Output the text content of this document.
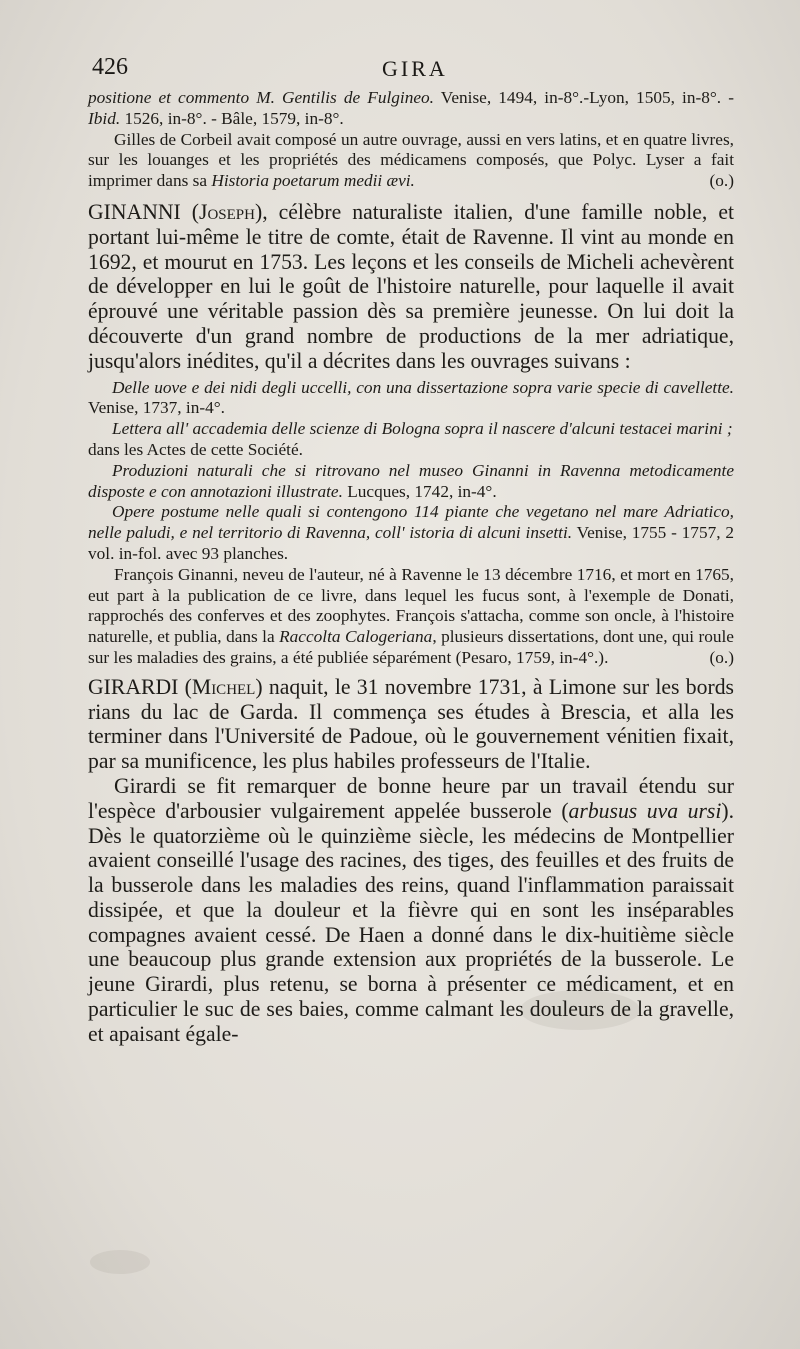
426	GIRA

positione et commento M. Gentilis de Fulgineo. Venise, 1494, in-8°.-Lyon, 1505, in-8°. - Ibid. 1526, in-8°. - Bâle, 1579, in-8°.

Gilles de Corbeil avait composé un autre ouvrage, aussi en vers latins, et en quatre livres, sur les louanges et les propriétés des médicamens composés, que Polyc. Lyser a fait imprimer dans sa Historia poetarum medii ævi.	(o.)

GINANNI (Joseph), célèbre naturaliste italien, d'une famille noble, et portant lui-même le titre de comte, était de Ravenne. Il vint au monde en 1692, et mourut en 1753. Les leçons et les conseils de Micheli achevèrent de développer en lui le goût de l'histoire naturelle, pour laquelle il avait éprouvé une véritable passion dès sa première jeunesse. On lui doit la découverte d'un grand nombre de productions de la mer adriatique, jusqu'alors inédites, qu'il a décrites dans les ouvrages suivans :

Delle uove e dei nidi degli uccelli, con una dissertazione sopra varie specie di cavellette. Venise, 1737, in-4°.

Lettera all' accademia delle scienze di Bologna sopra il nascere d'alcuni testacei marini ;

dans les Actes de cette Société.

Produzioni naturali che si ritrovano nel museo Ginanni in Ravenna metodicamente disposte e con annotazioni illustrate. Lucques, 1742, in-4°.

Opere postume nelle quali si contengono 114 piante che vegetano nel mare Adriatico, nelle paludi, e nel territorio di Ravenna, coll' istoria di alcuni insetti. Venise, 1755 - 1757, 2 vol. in-fol. avec 93 planches.

François Ginanni, neveu de l'auteur, né à Ravenne le 13 décembre 1716, et mort en 1765, eut part à la publication de ce livre, dans lequel les fucus sont, à l'exemple de Donati, rapprochés des conferves et des zoophytes. François s'attacha, comme son oncle, à l'histoire naturelle, et publia, dans la Raccolta Calogeriana, plusieurs dissertations, dont une, qui roule sur les maladies des grains, a été publiée séparément (Pesaro, 1759, in-4°.).	(o.)

GIRARDI (Michel) naquit, le 31 novembre 1731, à Limone sur les bords rians du lac de Garda. Il commença ses études à Brescia, et alla les terminer dans l'Université de Padoue, où le gouvernement vénitien fixait, par sa munificence, les plus habiles professeurs de l'Italie.

Girardi se fit remarquer de bonne heure par un travail étendu sur l'espèce d'arbousier vulgairement appelée busserole (arbusus uva ursi). Dès le quatorzième où le quinzième siècle, les médecins de Montpellier avaient conseillé l'usage des racines, des tiges, des feuilles et des fruits de la busserole dans les maladies des reins, quand l'inflammation paraissait dissipée, et que la douleur et la fièvre qui en sont les inséparables compagnes avaient cessé. De Haen a donné dans le dix-huitième siècle une beaucoup plus grande extension aux propriétés de la busserole. Le jeune Girardi, plus retenu, se borna à présenter ce médicament, et en particulier le suc de ses baies, comme calmant les douleurs de la gravelle, et apaisant égale-
